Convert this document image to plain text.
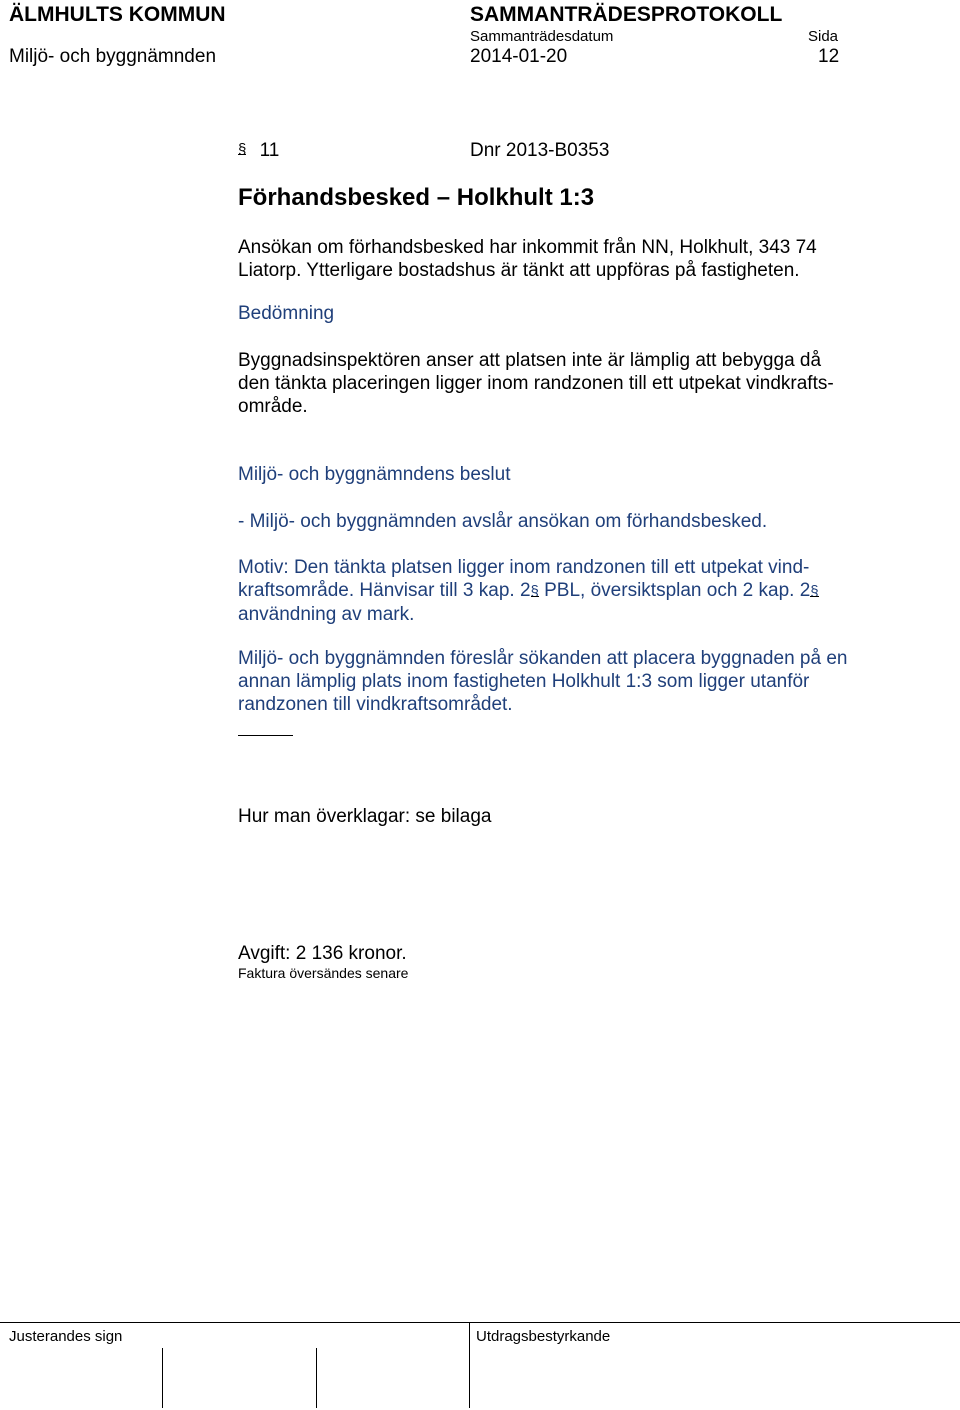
ÄLMHULTS KOMMUN	SAMMANTRÄDESPROTOKOLL
Sammanträdesdatum	Sida
Miljö- och byggnämnden	2014-01-20	12
§ 11	Dnr 2013-B0353
Förhandsbesked – Holkhult 1:3
Ansökan om förhandsbesked har inkommit från NN, Holkhult, 343 74
Liatorp. Ytterligare bostadshus är tänkt att uppföras på fastigheten.
Bedömning
Byggnadsinspektören anser att platsen inte är lämplig att bebygga då
den tänkta placeringen ligger inom randzonen till ett utpekat vindkrafts-
område.
Miljö- och byggnämndens beslut
- Miljö- och byggnämnden avslår ansökan om förhandsbesked.
Motiv: Den tänkta platsen ligger inom randzonen till ett utpekat vind-
kraftsområde. Hänvisar till 3 kap. 2§ PBL, översiktsplan och 2 kap. 2§
användning av mark.
Miljö- och byggnämnden föreslår sökanden att placera byggnaden på en
annan lämplig plats inom fastigheten Holkhult 1:3 som ligger utanför
randzonen till vindkraftsområdet.
Hur man överklagar: se bilaga
Avgift: 2 136 kronor.
Faktura översändes senare
Justerandes sign	Utdragsbestyrkande
